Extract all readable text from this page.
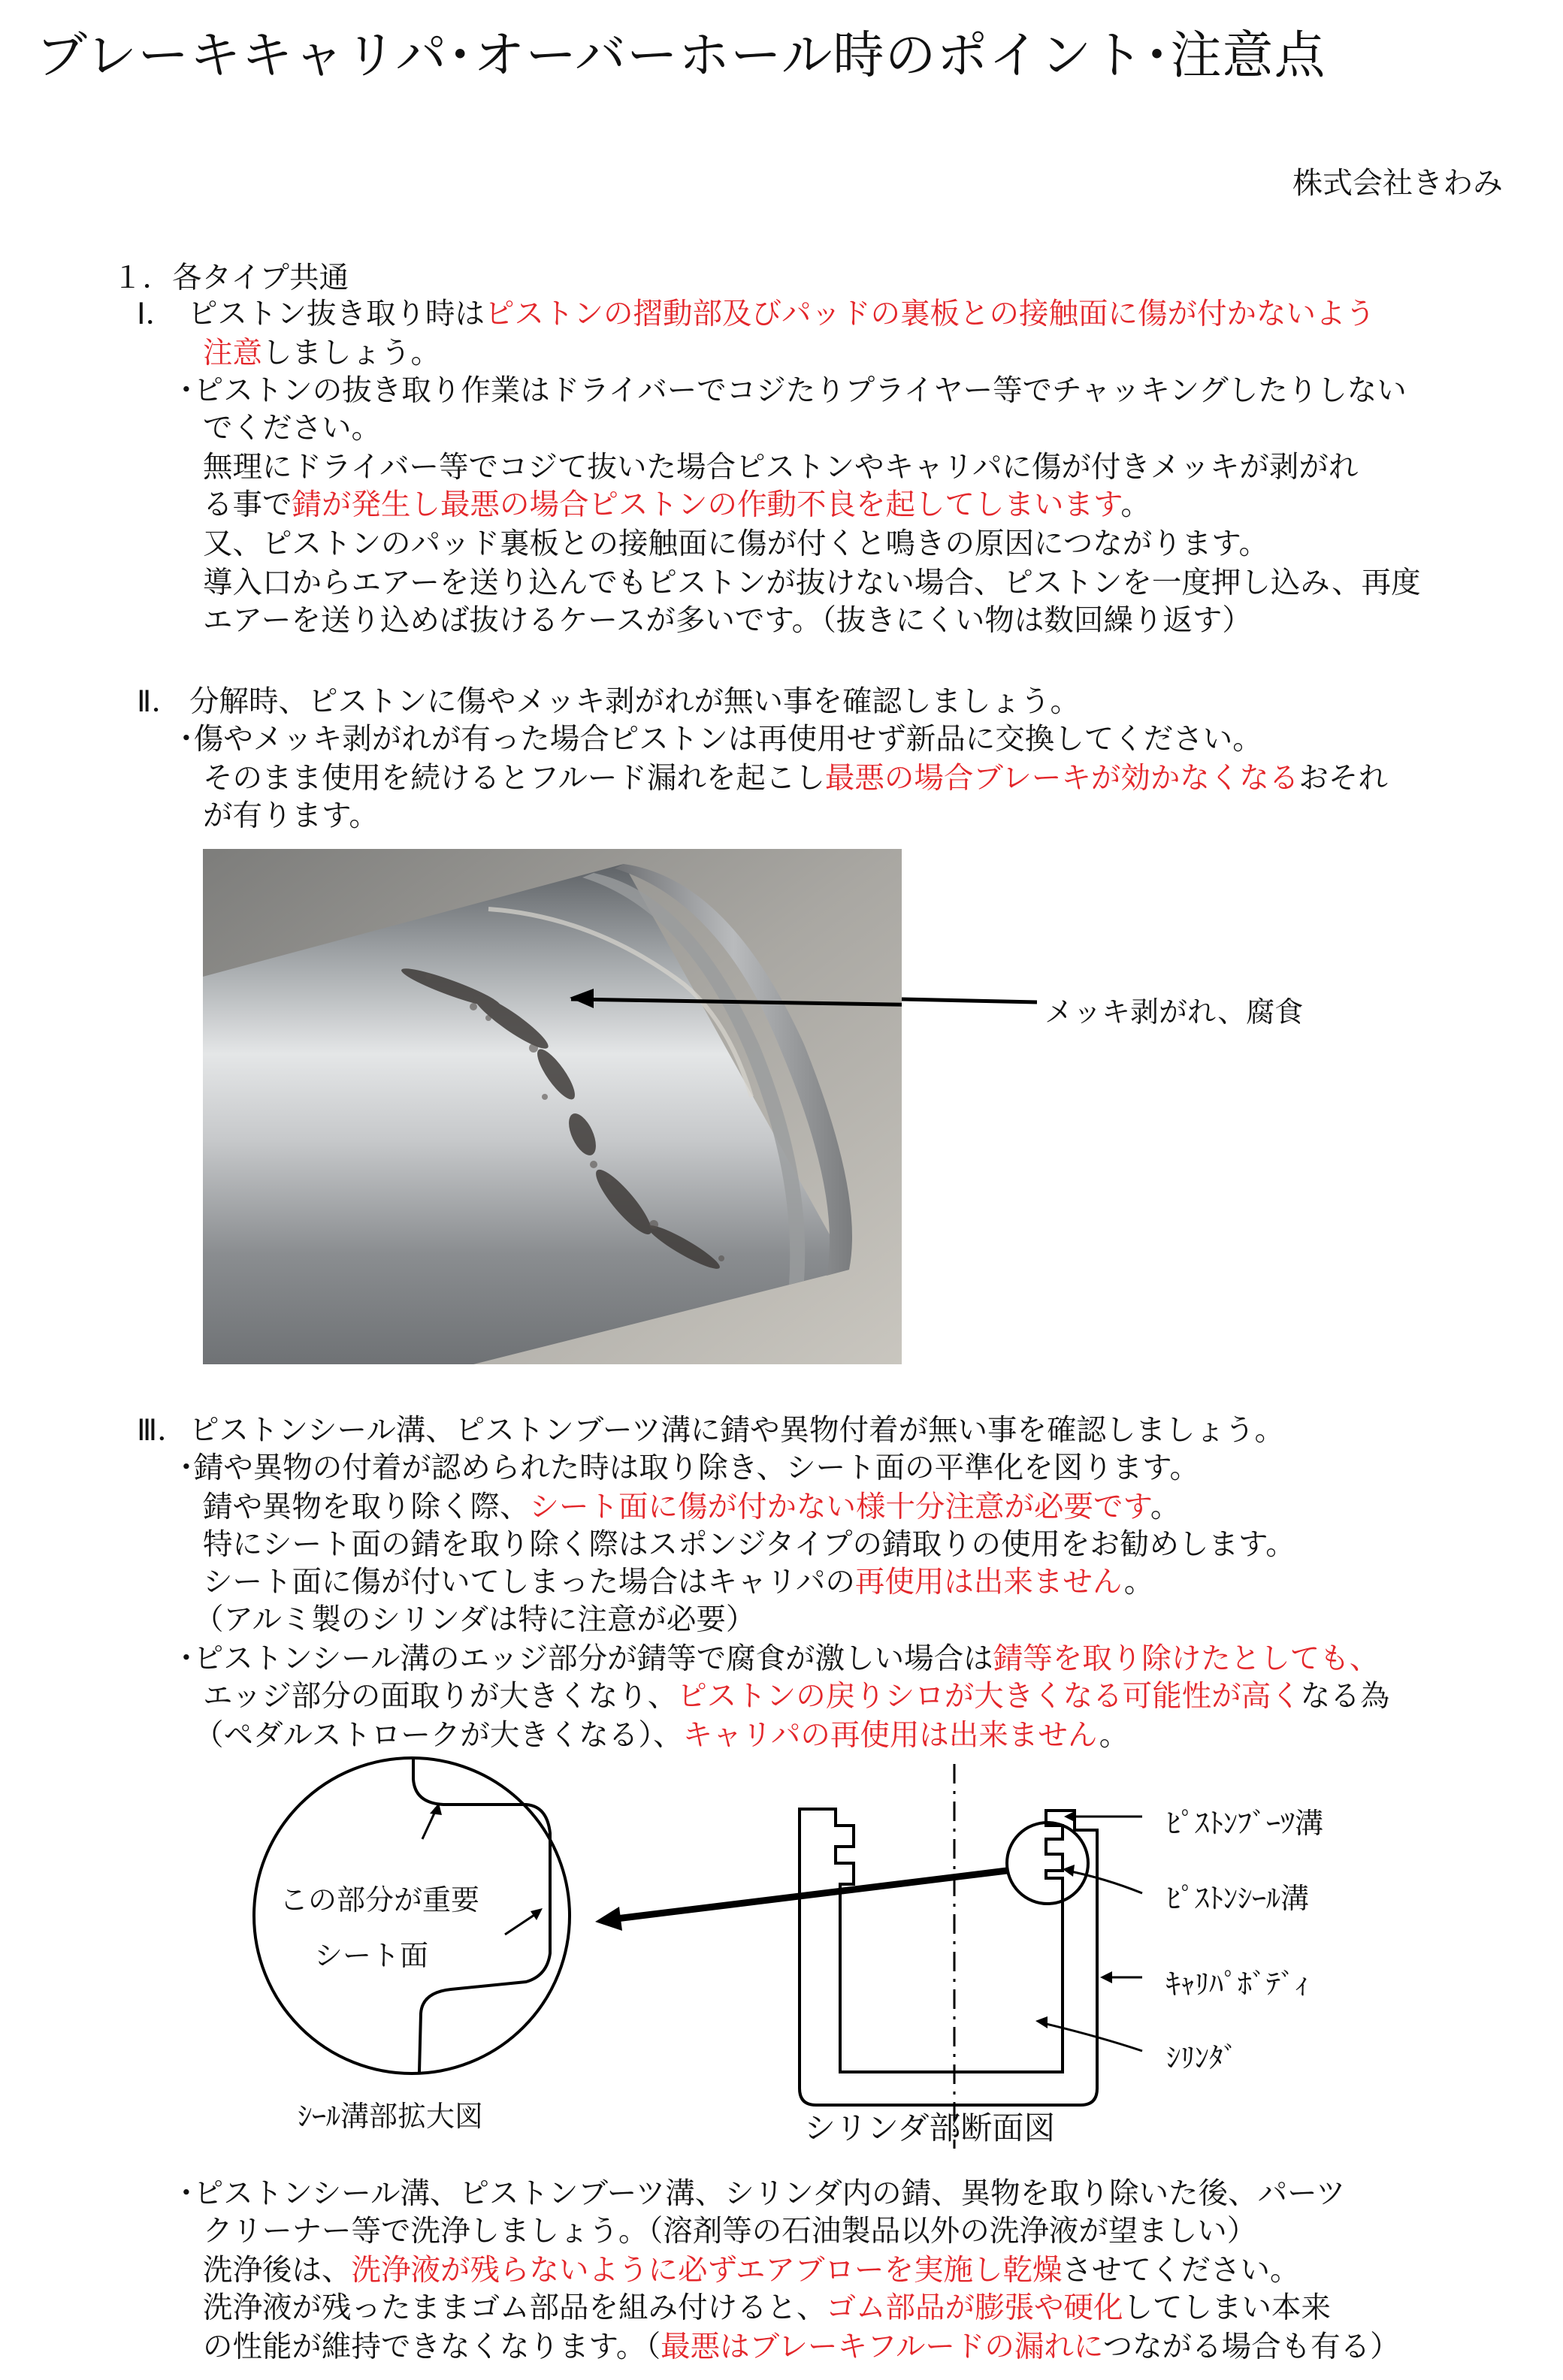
ブレーキキャリパ･オーバーホール時のポイント･注意点
株式会社きわみ
１．各タイプ共通
Ⅰ． ピストン抜き取り時はピストンの摺動部及びパッドの裏板との接触面に傷が付かないよう
注意しましょう。
･ピストンの抜き取り作業はドライバーでコジたりプライヤー等でチャッキングしたりしない
でください。
無理にドライバー等でコジて抜いた場合ピストンやキャリパに傷が付きメッキが剥がれ
る事で錆が発生し最悪の場合ピストンの作動不良を起してしまいます。
又、ピストンのパッド裏板との接触面に傷が付くと鳴きの原因につながります。
導入口からエアーを送り込んでもピストンが抜けない場合、ピストンを一度押し込み、再度
エアーを送り込めば抜けるケースが多いです。（抜きにくい物は数回繰り返す）
Ⅱ． 分解時、ピストンに傷やメッキ剥がれが無い事を確認しましょう。
･傷やメッキ剥がれが有った場合ピストンは再使用せず新品に交換してください。
そのまま使用を続けるとフルード漏れを起こし最悪の場合ブレーキが効かなくなるおそれ
が有ります。
メッキ剥がれ、腐食
Ⅲ． ピストンシール溝、ピストンブーツ溝に錆や異物付着が無い事を確認しましょう。
･錆や異物の付着が認められた時は取り除き、シート面の平準化を図ります。
錆や異物を取り除く際、シート面に傷が付かない様十分注意が必要です。
特にシート面の錆を取り除く際はスポンジタイプの錆取りの使用をお勧めします。
シート面に傷が付いてしまった場合はキャリパの再使用は出来ません。
（アルミ製のシリンダは特に注意が必要）
･ピストンシール溝のエッジ部分が錆等で腐食が激しい場合は錆等を取り除けたとしても、
エッジ部分の面取りが大きくなり、ピストンの戻りシロが大きくなる可能性が高くなる為
（ペダルストロークが大きくなる）、キャリパの再使用は出来ません。
この部分が重要
シート面
ｼｰﾙ溝部拡大図	シリンダ部断面図
ﾋﾟｽﾄﾝﾌﾞｰﾂ溝
ﾋﾟｽﾄﾝｼｰﾙ溝
ｷｬﾘﾊﾟﾎﾞﾃﾞｨ
ｼﾘﾝﾀﾞ
･ピストンシール溝、ピストンブーツ溝、シリンダ内の錆、異物を取り除いた後、パーツ
クリーナー等で洗浄しましょう。（溶剤等の石油製品以外の洗浄液が望ましい）
洗浄後は、洗浄液が残らないように必ずエアブローを実施し乾燥させてください。
洗浄液が残ったままゴム部品を組み付けると、ゴム部品が膨張や硬化してしまい本来
の性能が維持できなくなります。（最悪はブレーキフルードの漏れにつながる場合も有る）
